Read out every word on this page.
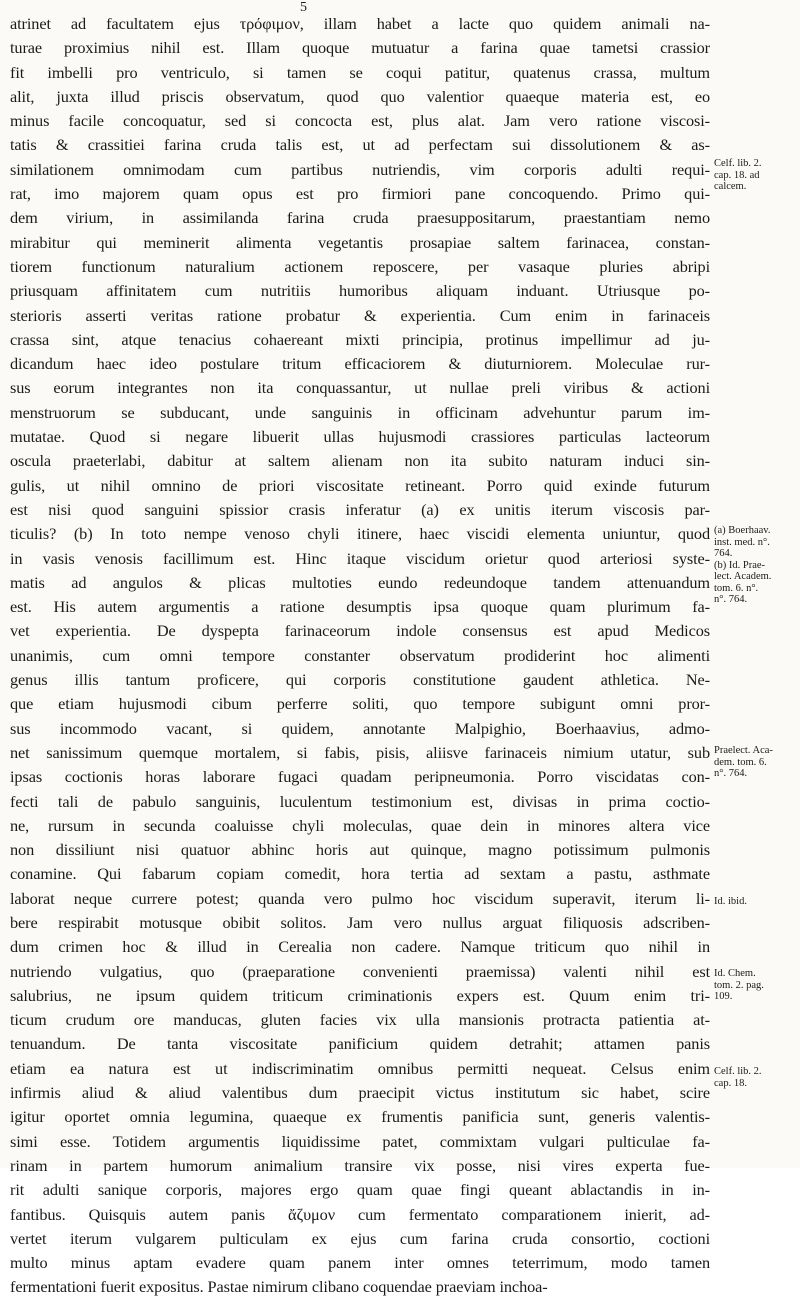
5
atrinet ad facultatem ejus τρόφιμον, illam habet a lacte quo quidem animali na-
turae proximius nihil est. Illam quoque mutuatur a farina quae tametsi crassior
fit imbelli pro ventriculo, si tamen se coqui patitur, quatenus crassa, multum
alit, juxta illud priscis observatum, quod quo valentior quaeque materia est, eo
minus facile concoquatur, sed si concocta est, plus alat. Jam vero ratione viscosi-
tatis & crassitiei farina cruda talis est, ut ad perfectam sui dissolutionem & as-
similationem omnimodam cum partibus nutriendis, vim corporis adulti requi-
rat, imo majorem quam opus est pro firmiori pane concoquendo. Primo qui-
dem virium, in assimilanda farina cruda praesuppositarum, praestantiam nemo
mirabitur qui meminerit alimenta vegetantis prosapiae saltem farinacea, constan-
tiorem functionum naturalium actionem reposcere, per vasaque pluries abripi
priusquam affinitatem cum nutritiis humoribus aliquam induant. Utriusque po-
sterioris asserti veritas ratione probatur & experientia. Cum enim in farinaceis
crassa sint, atque tenacius cohaereant mixti principia, protinus impellimur ad ju-
dicandum haec ideo postulare tritum efficaciorem & diuturniorem. Moleculae rur-
sus eorum integrantes non ita conquassantur, ut nullae preli viribus & actioni
menstruorum se subducant, unde sanguinis in officinam advehuntur parum im-
mutatae. Quod si negare libuerit ullas hujusmodi crassiores particulas lacteorum
oscula praeterlabi, dabitur at saltem alienam non ita subito naturam induci sin-
gulis, ut nihil omnino de priori viscositate retineant. Porro quid exinde futurum
est nisi quod sanguini spissior crasis inferatur (a) ex unitis iterum viscosis par-
ticulis? (b) In toto nempe venoso chyli itinere, haec viscidi elementa uniuntur, quod
in vasis venosis facillimum est. Hinc itaque viscidum orietur quod arteriosi syste-
matis ad angulos & plicas multoties eundo redeundoque tandem attenuandum
est. His autem argumentis a ratione desumptis ipsa quoque quam plurimum fa-
vet experientia. De dyspepta farinaceorum indole consensus est apud Medicos
unanimis, cum omni tempore constanter observatum prodiderint hoc alimenti
genus illis tantum proficere, qui corporis constitutione gaudent athletica. Ne-
que etiam hujusmodi cibum perferre soliti, quo tempore subigunt omni pror-
sus incommodo vacant, si quidem, annotante Malpighio, Boerhaavius, admo-
net sanissimum quemque mortalem, si fabis, pisis, aliisve farinaceis nimium utatur, sub
ipsas coctionis horas laborare fugaci quadam peripneumonia. Porro viscidatas con-
fecti tali de pabulo sanguinis, luculentum testimonium est, divisas in prima coctio-
ne, rursum in secunda coaluisse chyli moleculas, quae dein in minores altera vice
non dissiliunt nisi quatuor abhinc horis aut quinque, magno potissimum pulmonis
conamine. Qui fabarum copiam comedit, hora tertia ad sextam a pastu, asthmate
laborat neque currere potest; quanda vero pulmo hoc viscidum superavit, iterum li-
bere respirabit motusque obibit solitos. Jam vero nullus arguat filiquosis adscriben-
dum crimen hoc & illud in Cerealia non cadere. Namque triticum quo nihil in
nutriendo vulgatius, quo (praeparatione convenienti praemissa) valenti nihil est
salubrius, ne ipsum quidem triticum criminationis expers est. Quum enim tri-
ticum crudum ore manducas, gluten facies vix ulla mansionis protracta patientia at-
tenuandum. De tanta viscositate panificium quidem detrahit; attamen panis
etiam ea natura est ut indiscriminatim omnibus permitti nequeat. Celsus enim
infirmis aliud & aliud valentibus dum praecipit victus institutum sic habet, scire
igitur oportet omnia legumina, quaeque ex frumentis panificia sunt, generis valentis-
simi esse. Totidem argumentis liquidissime patet, commixtam vulgari pulticulae fa-
rinam in partem humorum animalium transire vix posse, nisi vires experta fue-
rit adulti sanique corporis, majores ergo quam quae fingi queant ablactandis in in-
fantibus. Quisquis autem panis ἄζυμον cum fermentato comparationem inierit, ad-
vertet iterum vulgarem pulticulam ex ejus cum farina cruda consortio, coctioni
multo minus aptam evadere quam panem inter omnes teterrimum, modo tamen
fermentationi fuerit expositus. Pastae nimirum clibano coquendae praeviam inchoa-
Celf. lib. 2.
cap. 18. ad
calcem.
(a) Boerhaav.
inst. med. n°.
764.
(b) Id. Prae-
lect. Academ.
tom. 6. n°.
n°. 764.
Praelect. Aca-
dem. tom. 6.
n°. 764.
Id. ibid.
Id. Chem.
tom. 2. pag.
109.
Celf. lib. 2.
cap. 18.
